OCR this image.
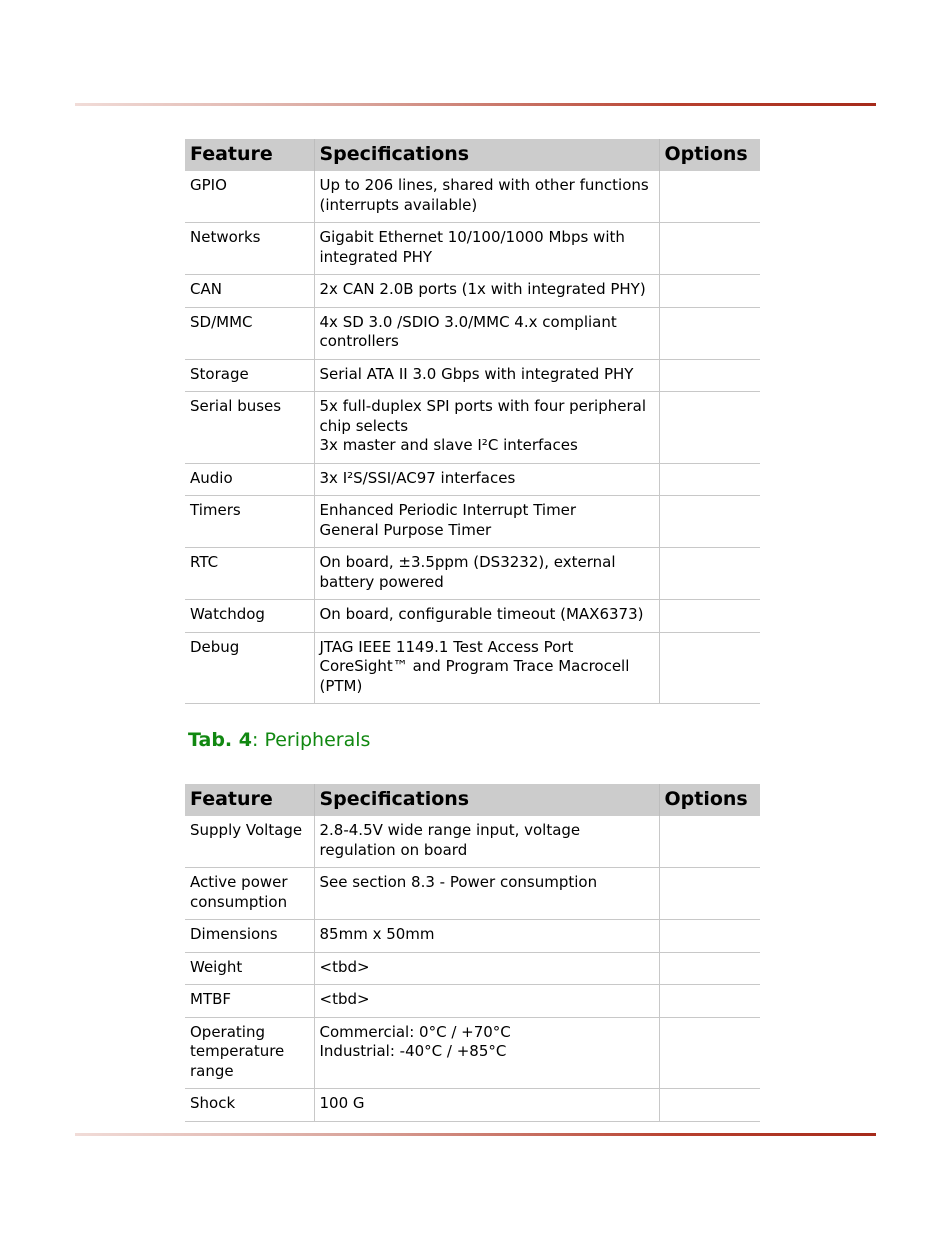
Feature	Specifications	Options
GPIO	Up to 206 lines, shared with other functions (interrupts available)	

Networks	Gigabit Ethernet 10/100/1000 Mbps with integrated PHY	

CAN	2x CAN 2.0B ports (1x with integrated PHY)	

SD/MMC	4x SD 3.0 /SDIO 3.0/MMC 4.x compliant controllers	

Storage	Serial ATA II 3.0 Gbps with integrated PHY	

Serial buses	5x full-duplex SPI ports with four peripheral chip selects
3x master and slave I²C interfaces	

Audio	3x I²S/SSI/AC97 interfaces	

Timers	Enhanced Periodic Interrupt Timer
General Purpose Timer	

RTC	On board, ±3.5ppm (DS3232), external battery powered	

Watchdog	On board, configurable timeout (MAX6373)	

Debug	JTAG IEEE 1149.1 Test Access Port
CoreSight™ and Program Trace Macrocell (PTM)	

Tab. 4: Peripherals
Feature	Specifications	Options
Supply Voltage	2.8-4.5V wide range input, voltage regulation on board	

Active power consumption	See section 8.3 - Power consumption	

Dimensions	85mm x 50mm	

Weight	<tbd>	

MTBF	<tbd>	

Operating temperature range	Commercial: 0°C / +70°C
Industrial: -40°C / +85°C	

Shock	100 G	
